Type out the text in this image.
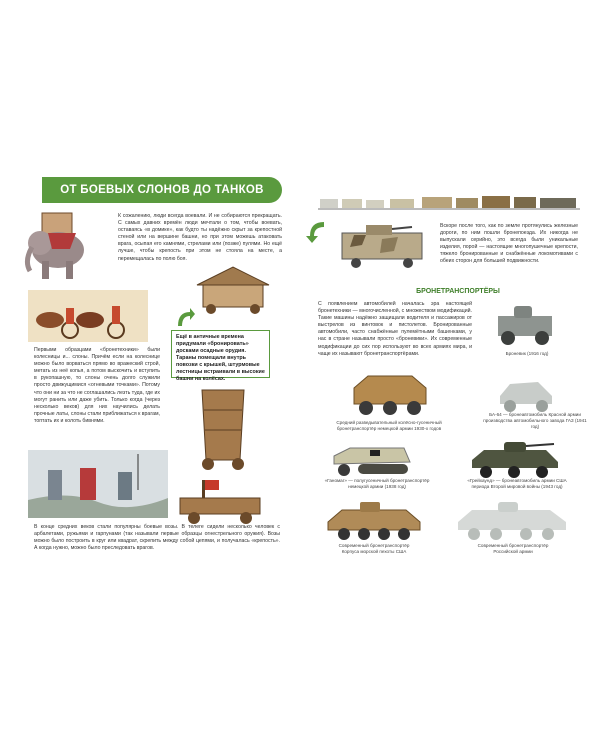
ОТ БОЕВЫХ СЛОНОВ ДО ТАНКОВ
К сожалению, люди всегда воевали. И не собираются прекращать. С самых давних времён люди мечтали о том, чтобы воевать, оставаясь «в домике», как будто ты надёжно скрыт за крепостной стеной или на вершине башни, но при этом можешь атаковать врага, осыпая его камнями, стрелами или (позже) пулями. Но ещё лучше, чтобы крепость при этом не стояла на месте, а перемещалась по полю боя.
Ещё в античные времена придумали «бронировать» досками осадные орудия. Тараны помещали внутрь повозки с крышей, штурмовые лестницы встраивали в высокие башни на колёсах.
Первыми образцами «бронетехники» были колесницы и... слоны. Причём если на колеснице можно было ворваться прямо во вражеский строй, метать из неё копья, а потом выскочить и вступить в рукопашную, то слоны очень долго служили просто движущимися «огневыми точками». Потому что они ни за что не соглашались лезть туда, где их могут ранить или даже убить. Только когда (через несколько веков) для них научились делать прочные латы, слоны стали приближаться к врагам, топтать их и колоть бивнями.
В конце средних веков стали популярны боевые возы. В телеге сидели несколько человек с арбалетами, ружьями и гарпунами (так называли первые образцы огнестрельного оружия). Возы можно было построить в круг или квадрат, скрепить между собой цепями, и получалась «крепость». А когда нужно, можно было преследовать врагов.
Вскоре после того, как по земле протянулись железные дороги, по ним пошли бронепоезда. Их никогда не выпускали серийно, это всегда были уникальные изделия, порой — настоящие многопушечные крепости, тяжело бронированные и снабжённые локомотивами с обеих сторон для большей подвижности.
БРОНЕТРАНСПОРТЁРЫ
С появлением автомобилей началась эра настоящей бронетехники — многочисленной, с множеством модификаций. Такие машины надёжно защищали водителя и пассажиров от выстрелов из винтовок и пистолетов. Бронированные автомобили, часто снабжённые пулемётными башенками, у нас в стране называли просто «броневики». Их современные модификации до сих пор используют во всех армиях мира, и чаще их называют бронетранспортёрами.	Броневик (1916 год)
Средний разведывательный колёсно-гусеничный бронетранспортёр немецкой армии 1930-х годов
БА-64 — бронеавтомобиль Красной армии производства автомобильного завода ГАЗ (1941 год)
«Ганомаг» — полугусеничный бронетранспортёр немецкой армии (1938 год)
«Грейхаунд» — бронеавтомобиль армии США периода Второй мировой войны (1943 год)
Современный бронетранспортёр Корпуса морской пехоты США
Современный бронетранспортёр Российской армии
